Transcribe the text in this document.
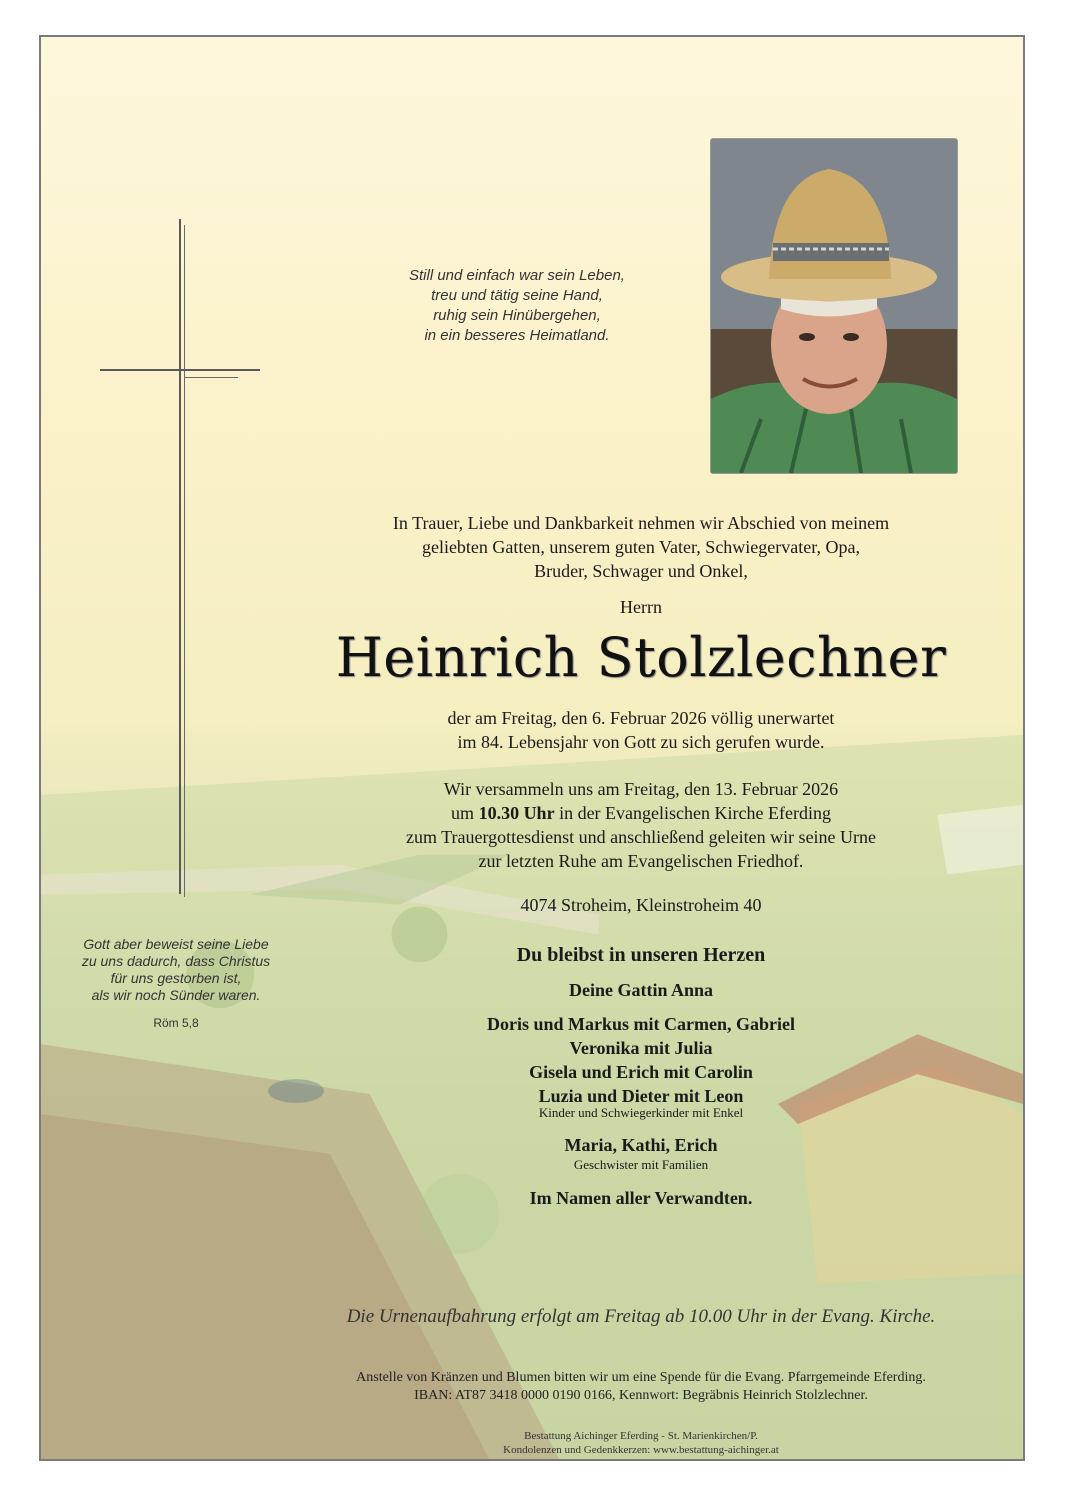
Still und einfach war sein Leben,
treu und tätig seine Hand,
ruhig sein Hinübergehen,
in ein besseres Heimatland.
In Trauer, Liebe und Dankbarkeit nehmen wir Abschied von meinem
geliebten Gatten, unserem guten Vater, Schwiegervater, Opa,
Bruder, Schwager und Onkel,
Herrn
Heinrich Stolzlechner
der am Freitag, den 6. Februar 2026 völlig unerwartet
im 84. Lebensjahr von Gott zu sich gerufen wurde.
Wir versammeln uns am Freitag, den 13. Februar 2026
um 10.30 Uhr in der Evangelischen Kirche Eferding
zum Trauergottesdienst und anschließend geleiten wir seine Urne
zur letzten Ruhe am Evangelischen Friedhof.
4074 Stroheim, Kleinstroheim 40
Gott aber beweist seine Liebe
zu uns dadurch, dass Christus
für uns gestorben ist,
als wir noch Sünder waren.
Röm 5,8
Du bleibst in unseren Herzen
Deine Gattin Anna
Doris und Markus mit Carmen, Gabriel
Veronika mit Julia
Gisela und Erich mit Carolin
Luzia und Dieter mit Leon
Kinder und Schwiegerkinder mit Enkel
Maria, Kathi, Erich
Geschwister mit Familien
Im Namen aller Verwandten.
Die Urnenaufbahrung erfolgt am Freitag ab 10.00 Uhr in der Evang. Kirche.
Anstelle von Kränzen und Blumen bitten wir um eine Spende für die Evang. Pfarrgemeinde Eferding.
IBAN: AT87 3418 0000 0190 0166, Kennwort: Begräbnis Heinrich Stolzlechner.
Bestattung Aichinger Eferding - St. Marienkirchen/P.
Kondolenzen und Gedenkkerzen: www.bestattung-aichinger.at
